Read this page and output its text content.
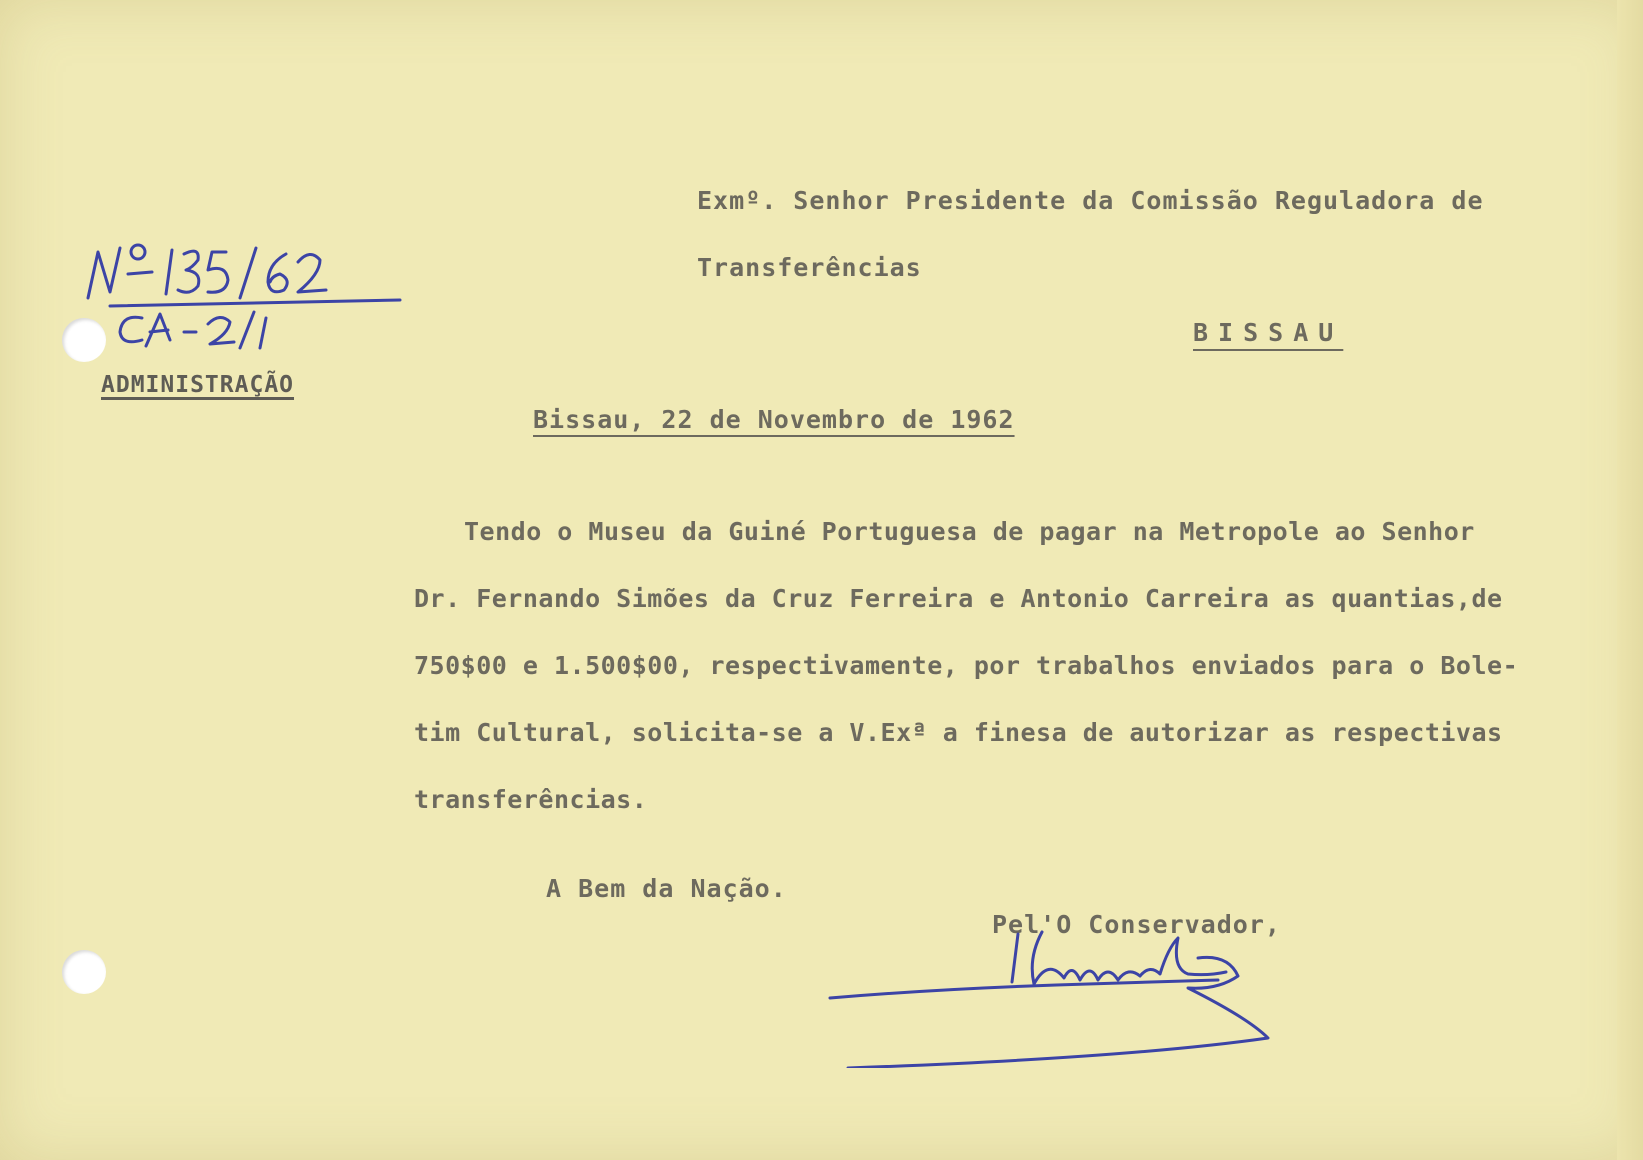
ADMINISTRAÇÃO
Exmº. Senhor Presidente da Comissão Reguladora de
Transferências
BISSAU
Bissau, 22 de Novembro de 1962

Tendo o Museu da Guiné Portuguesa de pagar na Metropole ao Senhor

Dr. Fernando Simões da Cruz Ferreira e Antonio Carreira as quantias,de

750$00 e 1.500$00, respectivamente, por trabalhos enviados para o Bole-

tim Cultural, solicita-se a V.Exª a finesa de autorizar as respectivas

transferências.

A Bem da Nação.
Pel'O Conservador,
